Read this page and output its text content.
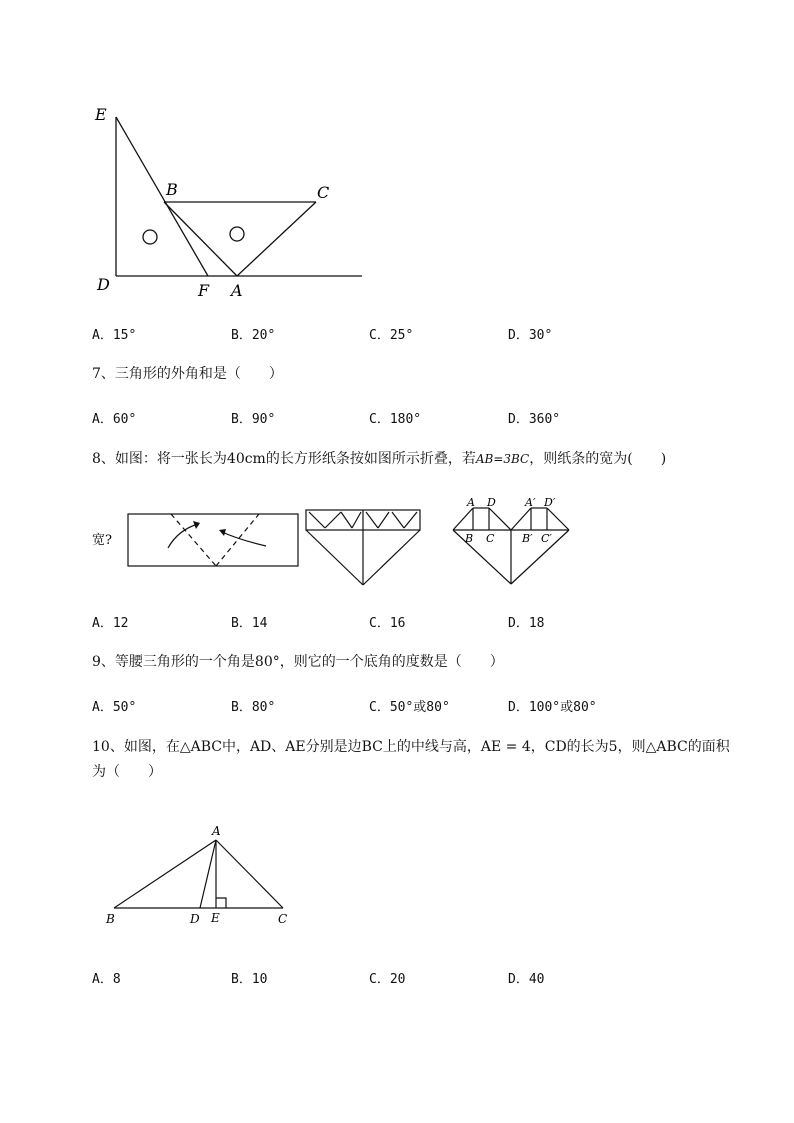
E
B	C
D	F A
A．15°	B．20°	C．25°	D．30°
7、三角形的外角和是（　　）
A．60°	B．90°	C．180°	D．360°
8、如图：将一张长为40cm的长方形纸条按如图所示折叠，若AB=3BC，则纸条的宽为(　　)
宽?
A D
B C
A′ D′
B′ C′
A．12	B．14	C．16	D．18
9、等腰三角形的一个角是80°，则它的一个底角的度数是（　　）
A．50°	B．80°	C．50°或80°	D．100°或80°
10、如图，在△ABC中，AD、AE分别是边BC上的中线与高，AE = 4，CD的长为5，则△ABC的面积
为（　　）
A
B	C
D E
A．8	B．10	C．20	D．40
